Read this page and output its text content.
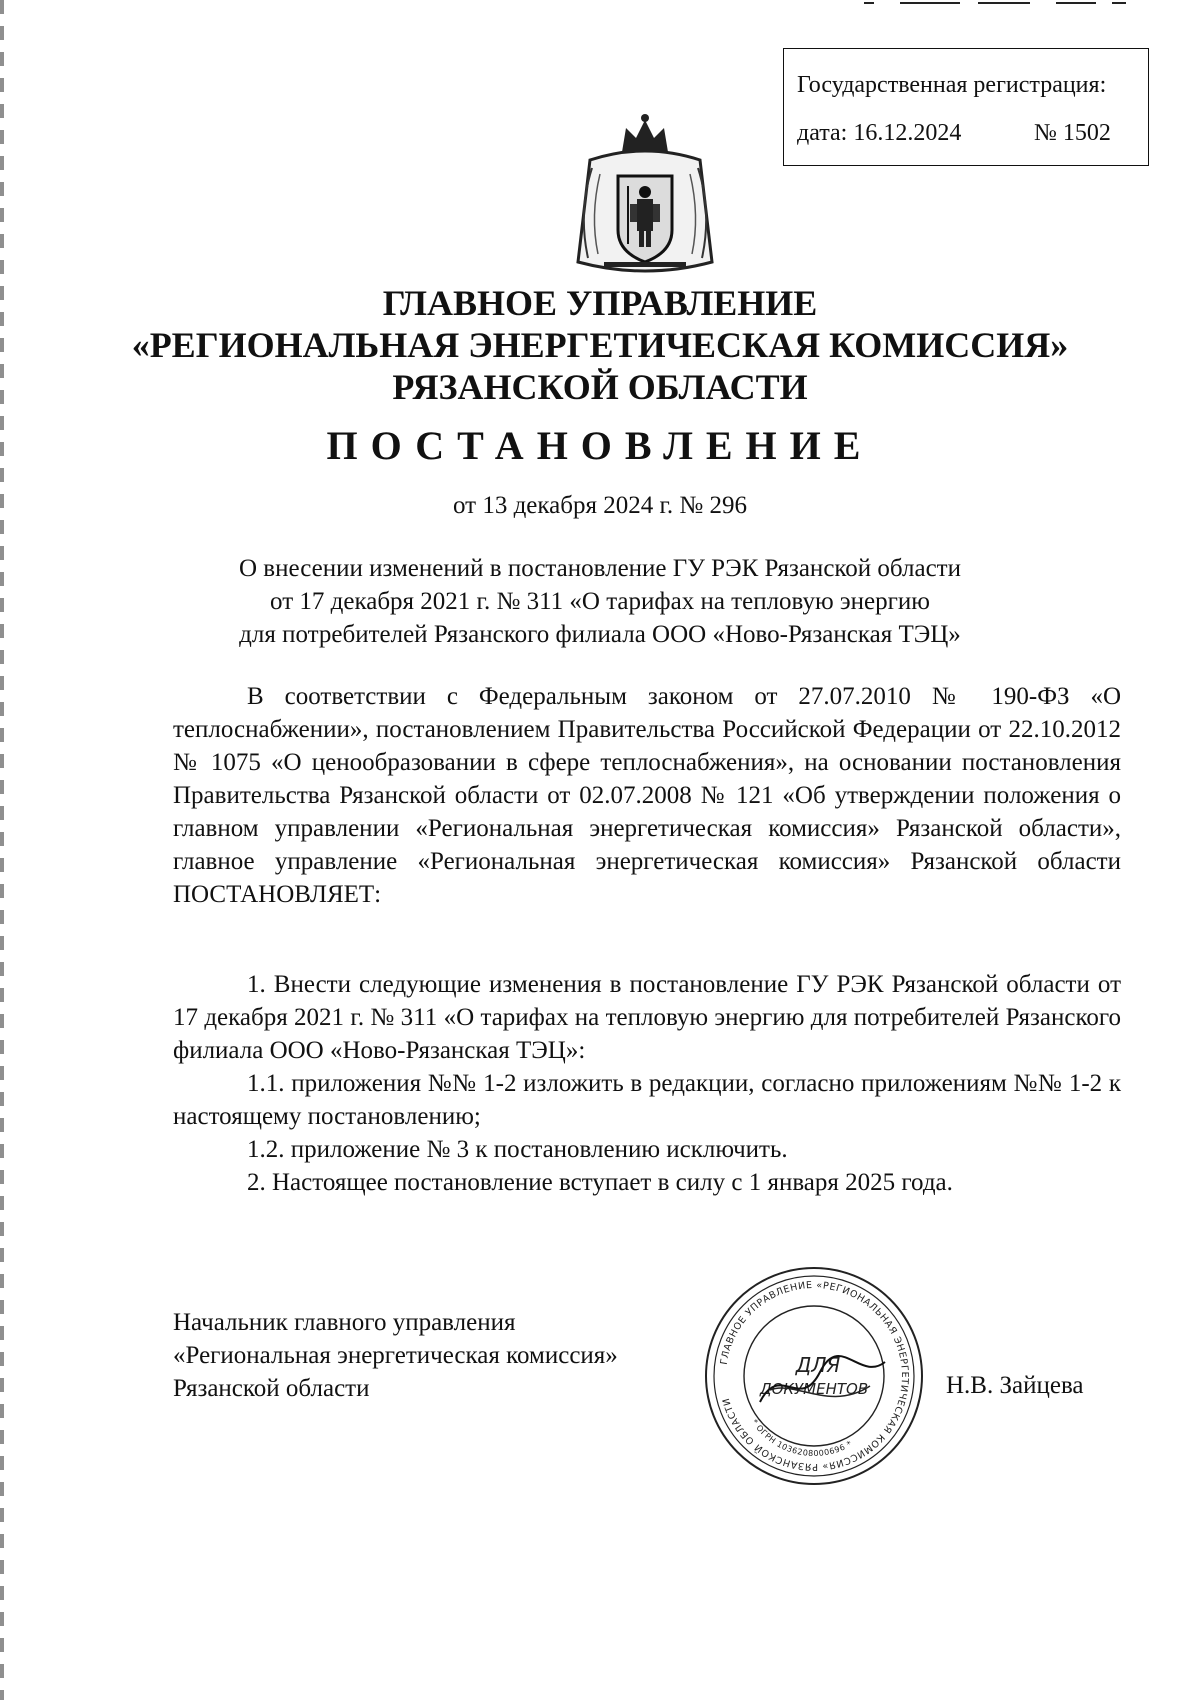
Государственная регистрация:
дата: 16.12.2024	№ 1502
ГЛАВНОЕ УПРАВЛЕНИЕ
«РЕГИОНАЛЬНАЯ ЭНЕРГЕТИЧЕСКАЯ КОМИССИЯ»
РЯЗАНСКОЙ ОБЛАСТИ
ПОСТАНОВЛЕНИЕ
от 13 декабря 2024 г. № 296
О внесении изменений в постановление ГУ РЭК Рязанской области
от 17 декабря 2021 г. № 311 «О тарифах на тепловую энергию
для потребителей Рязанского филиала ООО «Ново-Рязанская ТЭЦ»

В соответствии с Федеральным законом от 27.07.2010 № 190-ФЗ «О теплоснабжении», постановлением Правительства Российской Федерации от 22.10.2012 № 1075 «О ценообразовании в сфере теплоснабжения», на основании постановления Правительства Рязанской области от 02.07.2008 № 121 «Об утверждении положения о главном управлении «Региональная энергетическая комиссия» Рязанской области», главное управление «Региональная энергетическая комиссия» Рязанской области ПОСТАНОВЛЯЕТ:

1. Внести следующие изменения в постановление ГУ РЭК Рязанской области от 17 декабря 2021 г. № 311 «О тарифах на тепловую энергию для потребителей Рязанского филиала ООО «Ново-Рязанская ТЭЦ»:

1.1. приложения №№ 1-2 изложить в редакции, согласно приложениям №№ 1-2 к настоящему постановлению;

1.2. приложение № 3 к постановлению исключить.

2. Настоящее постановление вступает в силу с 1 января 2025 года.

Начальник главного управления
«Региональная энергетическая комиссия»
Рязанской области
ГЛАВНОЕ УПРАВЛЕНИЕ «РЕГИОНАЛЬНАЯ ЭНЕРГЕТИЧЕСКАЯ КОМИССИЯ» РЯЗАНСКОЙ ОБЛАСТИ
* ОГРН 1036208000696 *
ДЛЯ
ДОКУМЕНТОВ	Н.В. Зайцева
